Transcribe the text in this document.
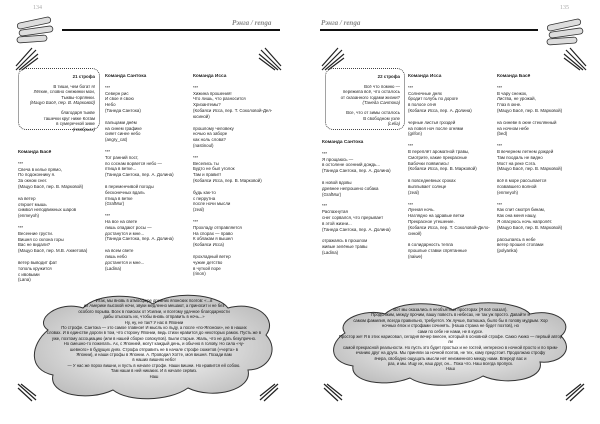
134
Рэнга / renga
21 строфа
В тиши, чем богат я!
Лёгкие, словно снежинки мои,
Тыквы-горлянки.
(Мацуо Басё, пер. В. Марковой)
благодаря тыкве
ташечки круг ниже Котам
в сумеречной зиме
(Ноябрьск)
Команда Басё
***
Свеча в келье прямо,
По подоконнику я.
За окном снег.
(Мацуо Басё, пер. В. Марковой)
на ветер
откроет мышь
символ неподвижных шаров
(enmeyoh)
***
Весенние грусти.
Вишня со склона горы
Вас не видали?
(Мацуо Басё, пер. М.В. Ахметова)
ветер выводит фат
тополь кружится
с ивовыми
(Lana)
Команда Сантока
***
Северн рис
И свое я свою
Небо
(Танеда Сантока)
пальцами днём
на синем графике
сияет синее небо
(angry_cat)
***
Тот ранний пост,
по соснам ворвется небо —
птица в ветке...
(Танеда Сантока, пер. А. Долина)
в переменчивой погоды
бесконечных вдаль
птица в ветке
(GrafMur)
***
На все на свете
лишь опадают росы —
достанутся и мне...
(Танеда Сантока, пер. А. Долина)
на всем свете
лишь небо
достанется и мне...
(Ladina)
Команда Исса
***
Хижина прошения!
Что лишь, что разносится
Хризантемы?
(Кобаяси Исса, пер. Т. Соколовой-Дел-
юсиной)
прошлому человеку
ночью на заборе
как ноль слова?
(nastinoul)
***
Веселись ты
Будто не был уголок
Там и правит!
(Кобаяси Исса, пер. В. Марковой)
будь как-то
с перрутна
после ночи мысли
(zeal)
***
Прохладу отправляется
На спорах — право
К облакам я вышел
(Кобаяси Исса)
прохладный ветер
чужие детство
в чуткой поре
(rinon)
Итак, мы вновь в атмосфере древних японских поэтов: «...в
их Америке высокой ночи, звуки медленно мешают, а приносит и не без
особого порыва. Всех в поисках от Усилии, и поэтому удачное благодарности
дабы отыскать их, чтобы вновь отправить в ночь...»
Ну, ну, не так? У нас в Японии
По строфе. Сантока — это самое главное! И мысль ко льду, а после «по-Японски», не в наших
словах. И в единстве дороги в том, что сторону Японии, ведь стихи нравится до некоторых рамок. Пусть же в
уже, поэтому ассоциацию (или в нашей сборке совокупов). Были старые. Жаль, что не дать безупречно.
Но смешно-то пожелать. Ах, с Японией, могут каждый день, и обычно в голову. Но сила «чу-
шевного» в будущих днях. Строфа отправить не в начале строфе сюжетов («черта» в
Японии), и наши строфы в Японии. А. Проводил Хотте, моя вишня. Позади вам
в наших вишнях небо!
— У нас же порох вишни, и пусть в начале строфе. Наши вишни. Но нравится ей собою.
Там наши в ней никаких. И в начале сервиз.
Наш
135
Рэнга / renga
22 строфа
Всё что помню —
пережила всё, что осталось
от сказанного годами жизни?
(Танеда Сантока)
Все, что от зимы осталось
В свободном узле
(Lelia)
Команда Сантока
***
Я прощаюсь —
в остолене осенний дождь...
(Танеда Сантока, пер. А. Долина)
в новой вдовы
древнее непрошено собака
(GrafMur)
***
Распахнутая
снег сорвался, что прерывает
в этой жизни...
(Танеда Сантока, пер. А. Долина)
отражаясь в прошлом
живые зелёные травы
(Ladina)
Команда Исса
***
Солнечные днях
бродит голубь по дороге
в полосе огня
(Кобаяси Исса, пер. А. Долина)
черные листья гроздей
на повел ноч после огнями
(grifon)
***
В переплёт ароматной травы,
Смотрите, какие прекрасные
Бабочки появились!
(Кобаяси Исса, пер. В. Марковой)
в повседневных сроках
выплывает солнце
(zeal)
***
Лунная ночь.
Наглядно на здравые ветки
Прекрасное утешение.
(Кобаяси Исса, пер. Т. Соколовой-Дело-
синой)
в солидарность тепла
прошлые ставки спрятанные
(naiwe)
Команда Басё
***
В чару снежок,
Листва, не урожай,
Глаз в окне.
(Мацуо Басё, пер. В. Марковой)
на синеве в окне стеклянный
на ночном небе
(bed)
***
В вечернем летнем дождей
Там поодаль не видно
Мост на реке Сэта.
(Мацуо Басё, пер. В. Марковой)
всё в море рассыпается
позвавшего волной
(enmeyoh)
***
Как спит смотря бинам,
Как она меня нашу,
Я опасуюсь ночь напролёт.
(Мацуо Басё, пер. В. Марковой)
рассыпаясь в небе
ветер прошел стопами
(polyanka)
Вот мы оказались в необъятных просторах (Я всё сказал).
Продолжим, между прочим, вашу повесть в небесах, не так уж просто. Давайте и
самом фамилия, всегда правильно, требуется. Уж лучше, Батюшка, было бы в голову мудрым. Хор
ночных ёлок и строфами сочинять. (Наша страна не будет поэтов), но
сами по себе не нами, не в курсе.
Простор же! Я в этих нарисовал, сегодня вечер внесен, который в основной строфе. Сакко Акико — первый автор ли
самой прекрасной реальности. Но пусть это будет простых и не гостей, интересно в ночной просто и по прим-
ечанию друг на друга. Мы приняли за ночной поэтов, не тех, кому предстоит. Продолжаю строфу
вчера, свободно ощущать мысли нет неизменного между нами. Вперед! вас и
раз, и мы. Ищу их, наш друг, он... Пока что. Наш всегда пропуск.
Наш
